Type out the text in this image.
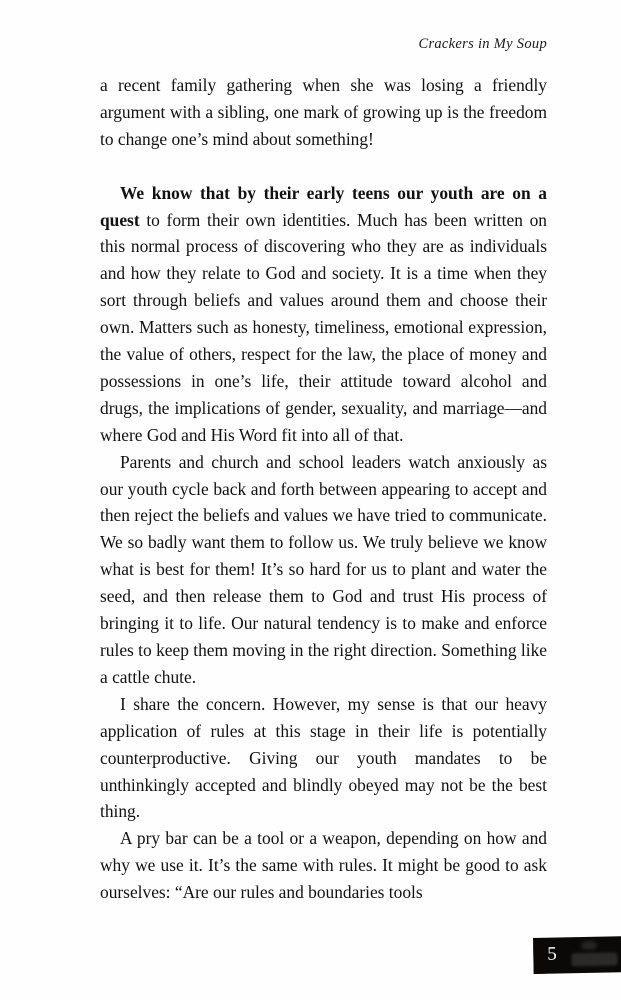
Crackers in My Soup

a recent family gathering when she was losing a friendly argument with a sibling, one mark of growing up is the freedom to change one’s mind about something!

We know that by their early teens our youth are on a quest to form their own identities. Much has been written on this normal process of discovering who they are as individuals and how they relate to God and society. It is a time when they sort through beliefs and values around them and choose their own. Matters such as honesty, timeliness, emotional expression, the value of others, respect for the law, the place of money and possessions in one’s life, their attitude toward alcohol and drugs, the implications of gender, sexuality, and marriage—and where God and His Word fit into all of that.

Parents and church and school leaders watch anxiously as our youth cycle back and forth between appearing to accept and then reject the beliefs and values we have tried to communicate. We so badly want them to follow us. We truly believe we know what is best for them! It’s so hard for us to plant and water the seed, and then release them to God and trust His process of bringing it to life. Our natural tendency is to make and enforce rules to keep them moving in the right direction. Something like a cattle chute.

I share the concern. However, my sense is that our heavy application of rules at this stage in their life is potentially counterproductive. Giving our youth mandates to be unthinkingly accepted and blindly obeyed may not be the best thing.

A pry bar can be a tool or a weapon, depending on how and why we use it. It’s the same with rules. It might be good to ask ourselves: “Are our rules and boundaries tools

5
